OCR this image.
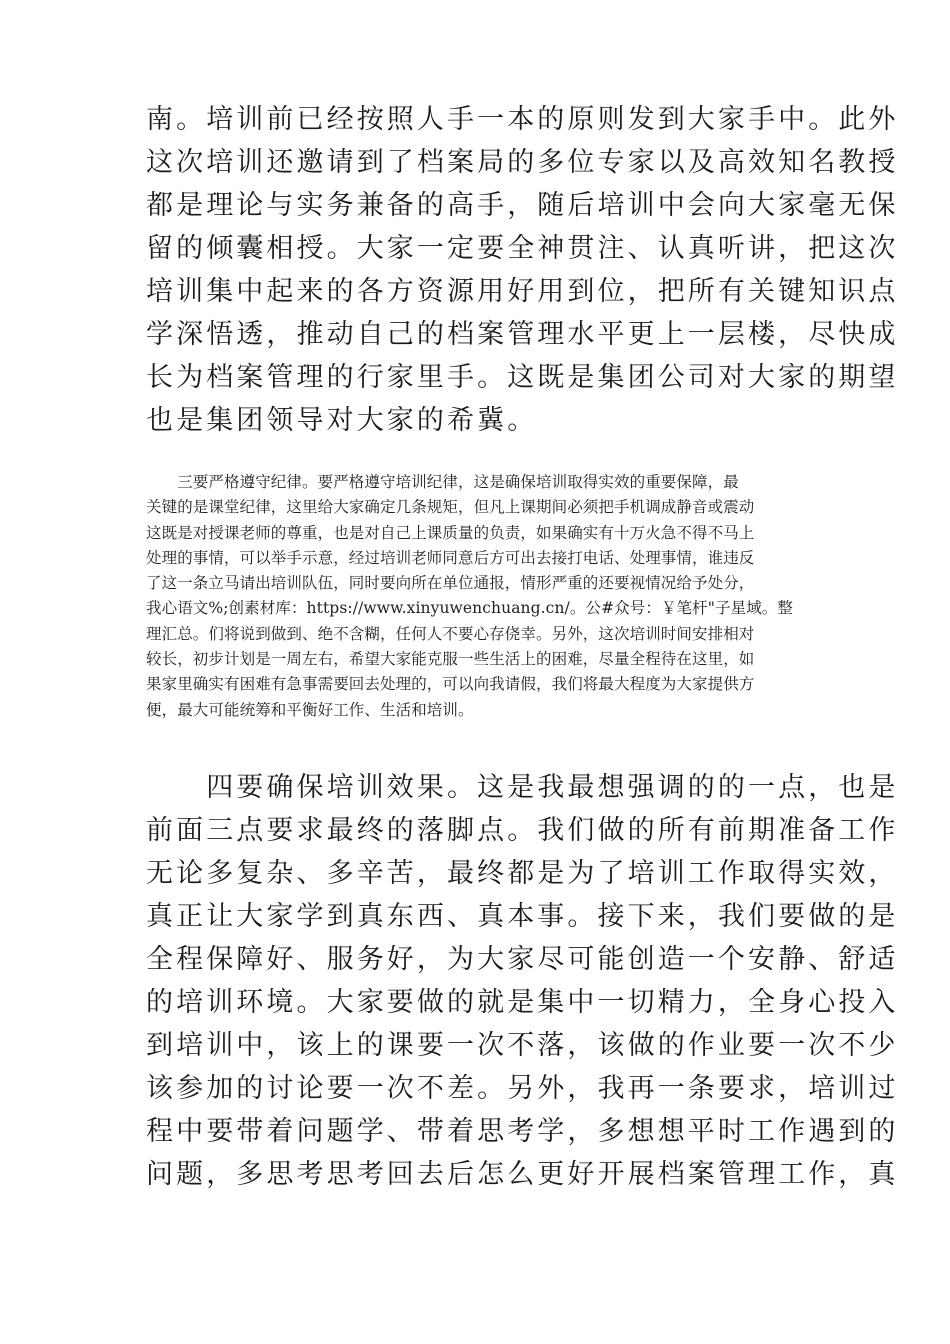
南。培训前已经按照人手一本的原则发到大家手中。此外
这次培训还邀请到了档案局的多位专家以及高效知名教授
都是理论与实务兼备的高手，随后培训中会向大家毫无保
留的倾囊相授。大家一定要全神贯注、认真听讲，把这次
培训集中起来的各方资源用好用到位，把所有关键知识点
学深悟透，推动自己的档案管理水平更上一层楼，尽快成
长为档案管理的行家里手。这既是集团公司对大家的期望
也是集团领导对大家的希冀。

　　三要严格遵守纪律。要严格遵守培训纪律，这是确保培训取得实效的重要保障，最
关键的是课堂纪律，这里给大家确定几条规矩，但凡上课期间必须把手机调成静音或震动
这既是对授课老师的尊重，也是对自己上课质量的负责，如果确实有十万火急不得不马上
处理的事情，可以举手示意，经过培训老师同意后方可出去接打电话、处理事情，谁违反
了这一条立马请出培训队伍，同时要向所在单位通报，情形严重的还要视情况给予处分，
我心语文%;创素材库：https://www.xinyuwenchuang.cn/。公#众号：￥笔杆"子星域。整
理汇总。们将说到做到、绝不含糊，任何人不要心存侥幸。另外，这次培训时间安排相对
较长，初步计划是一周左右，希望大家能克服一些生活上的困难，尽量全程待在这里，如
果家里确实有困难有急事需要回去处理的，可以向我请假，我们将最大程度为大家提供方
便，最大可能统筹和平衡好工作、生活和培训。

　　四要确保培训效果。这是我最想强调的的一点，也是
前面三点要求最终的落脚点。我们做的所有前期准备工作
无论多复杂、多辛苦，最终都是为了培训工作取得实效，
真正让大家学到真东西、真本事。接下来，我们要做的是
全程保障好、服务好，为大家尽可能创造一个安静、舒适
的培训环境。大家要做的就是集中一切精力，全身心投入
到培训中，该上的课要一次不落，该做的作业要一次不少
该参加的讨论要一次不差。另外，我再一条要求，培训过
程中要带着问题学、带着思考学，多想想平时工作遇到的
问题，多思考思考回去后怎么更好开展档案管理工作，真
